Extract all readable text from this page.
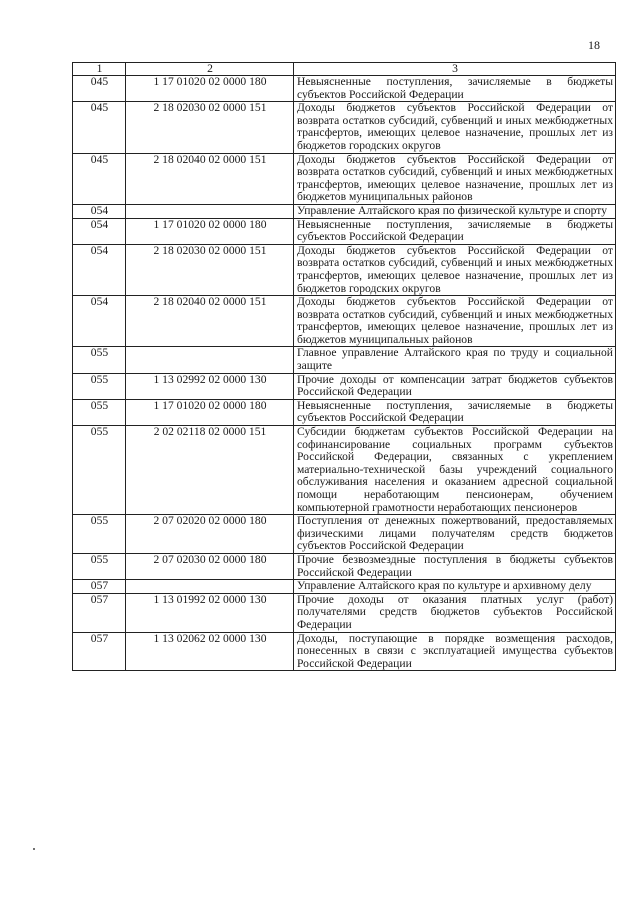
18
1	2	3
045	1 17 01020 02 0000 180	Невыясненные поступления, зачисляемые в бюджеты субъектов Российской Федерации
045	2 18 02030 02 0000 151	Доходы бюджетов субъектов Российской Федерации от возврата остатков субсидий, субвенций и иных межбюджетных трансфертов, имеющих целевое назначение, прошлых лет из бюджетов городских округов
045	2 18 02040 02 0000 151	Доходы бюджетов субъектов Российской Федерации от возврата остатков субсидий, субвенций и иных межбюджетных трансфертов, имеющих целевое назначение, прошлых лет из бюджетов муниципальных районов
054		Управление Алтайского края по физической культуре и спорту
054	1 17 01020 02 0000 180	Невыясненные поступления, зачисляемые в бюджеты субъектов Российской Федерации
054	2 18 02030 02 0000 151	Доходы бюджетов субъектов Российской Федерации от возврата остатков субсидий, субвенций и иных межбюджетных трансфертов, имеющих целевое назначение, прошлых лет из бюджетов городских округов
054	2 18 02040 02 0000 151	Доходы бюджетов субъектов Российской Федерации от возврата остатков субсидий, субвенций и иных межбюджетных трансфертов, имеющих целевое назначение, прошлых лет из бюджетов муниципальных районов
055		Главное управление Алтайского края по труду и социальной защите
055	1 13 02992 02 0000 130	Прочие доходы от компенсации затрат бюджетов субъектов Российской Федерации
055	1 17 01020 02 0000 180	Невыясненные поступления, зачисляемые в бюджеты субъектов Российской Федерации
055	2 02 02118 02 0000 151	Субсидии бюджетам субъектов Российской Федерации на софинансирование социальных программ субъектов Российской Федерации, связанных с укреплением материально-технической базы учреждений социального обслуживания населения и оказанием адресной социальной помощи неработающим пенсионерам, обучением компьютерной грамотности неработающих пенсионеров
055	2 07 02020 02 0000 180	Поступления от денежных пожертвований, предоставляемых физическими лицами получателям средств бюджетов субъектов Российской Федерации
055	2 07 02030 02 0000 180	Прочие безвозмездные поступления в бюджеты субъектов Российской Федерации
057		Управление Алтайского края по культуре и архивному делу
057	1 13 01992 02 0000 130	Прочие доходы от оказания платных услуг (работ) получателями средств бюджетов субъектов Российской Федерации
057	1 13 02062 02 0000 130	Доходы, поступающие в порядке возмещения расходов, понесенных в связи с эксплуатацией имущества субъектов Российской Федерации
